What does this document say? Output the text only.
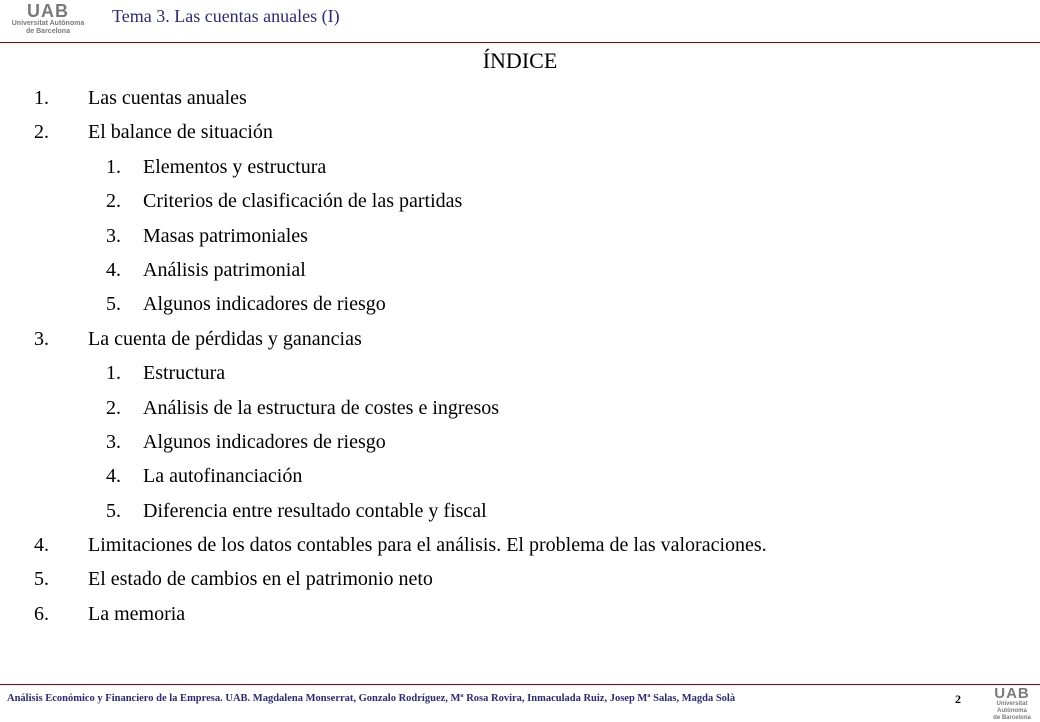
UAB
Universitat Autònoma
de Barcelona
Tema 3. Las cuentas anuales (I)
ÍNDICE
1. Las cuentas anuales
2. El balance de situación
1. Elementos y estructura
2. Criterios de clasificación de las partidas
3. Masas patrimoniales
4. Análisis patrimonial
5. Algunos indicadores de riesgo
3. La cuenta de pérdidas y ganancias
1. Estructura
2. Análisis de la estructura de costes e ingresos
3. Algunos indicadores de riesgo
4. La autofinanciación
5. Diferencia entre resultado contable y fiscal
4. Limitaciones de los datos contables para el análisis. El problema de las valoraciones.
5. El estado de cambios en el patrimonio neto
6. La memoria
Análisis Económico y Financiero de la Empresa. UAB. Magdalena Monserrat, Gonzalo Rodríguez, Mª Rosa Rovira, Inmaculada Ruiz, Josep Mª Salas, Magda Solà	2	UAB
Universitat Autònoma
de Barcelona
